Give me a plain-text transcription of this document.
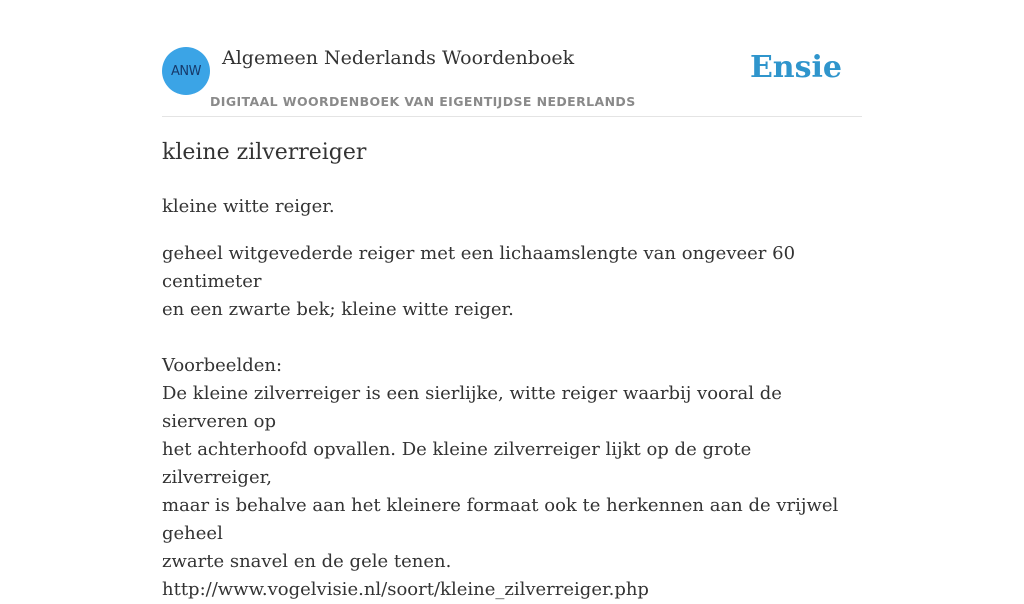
ANW
Algemeen Nederlands Woordenboek
DIGITAAL WOORDENBOEK VAN EIGENTIJDSE NEDERLANDS
Ensie
kleine zilverreiger

kleine witte reiger.

geheel witgevederde reiger met een lichaamslengte van ongeveer 60 centimeter

en een zwarte bek; kleine witte reiger.

Voorbeelden:

De kleine zilverreiger is een sierlijke, witte reiger waarbij vooral de sierveren op

het achterhoofd opvallen. De kleine zilverreiger lijkt op de grote zilverreiger,

maar is behalve aan het kleinere formaat ook te herkennen aan de vrijwel geheel

zwarte snavel en de gele tenen.

http://www.vogelvisie.nl/soort/kleine_zilverreiger.php
